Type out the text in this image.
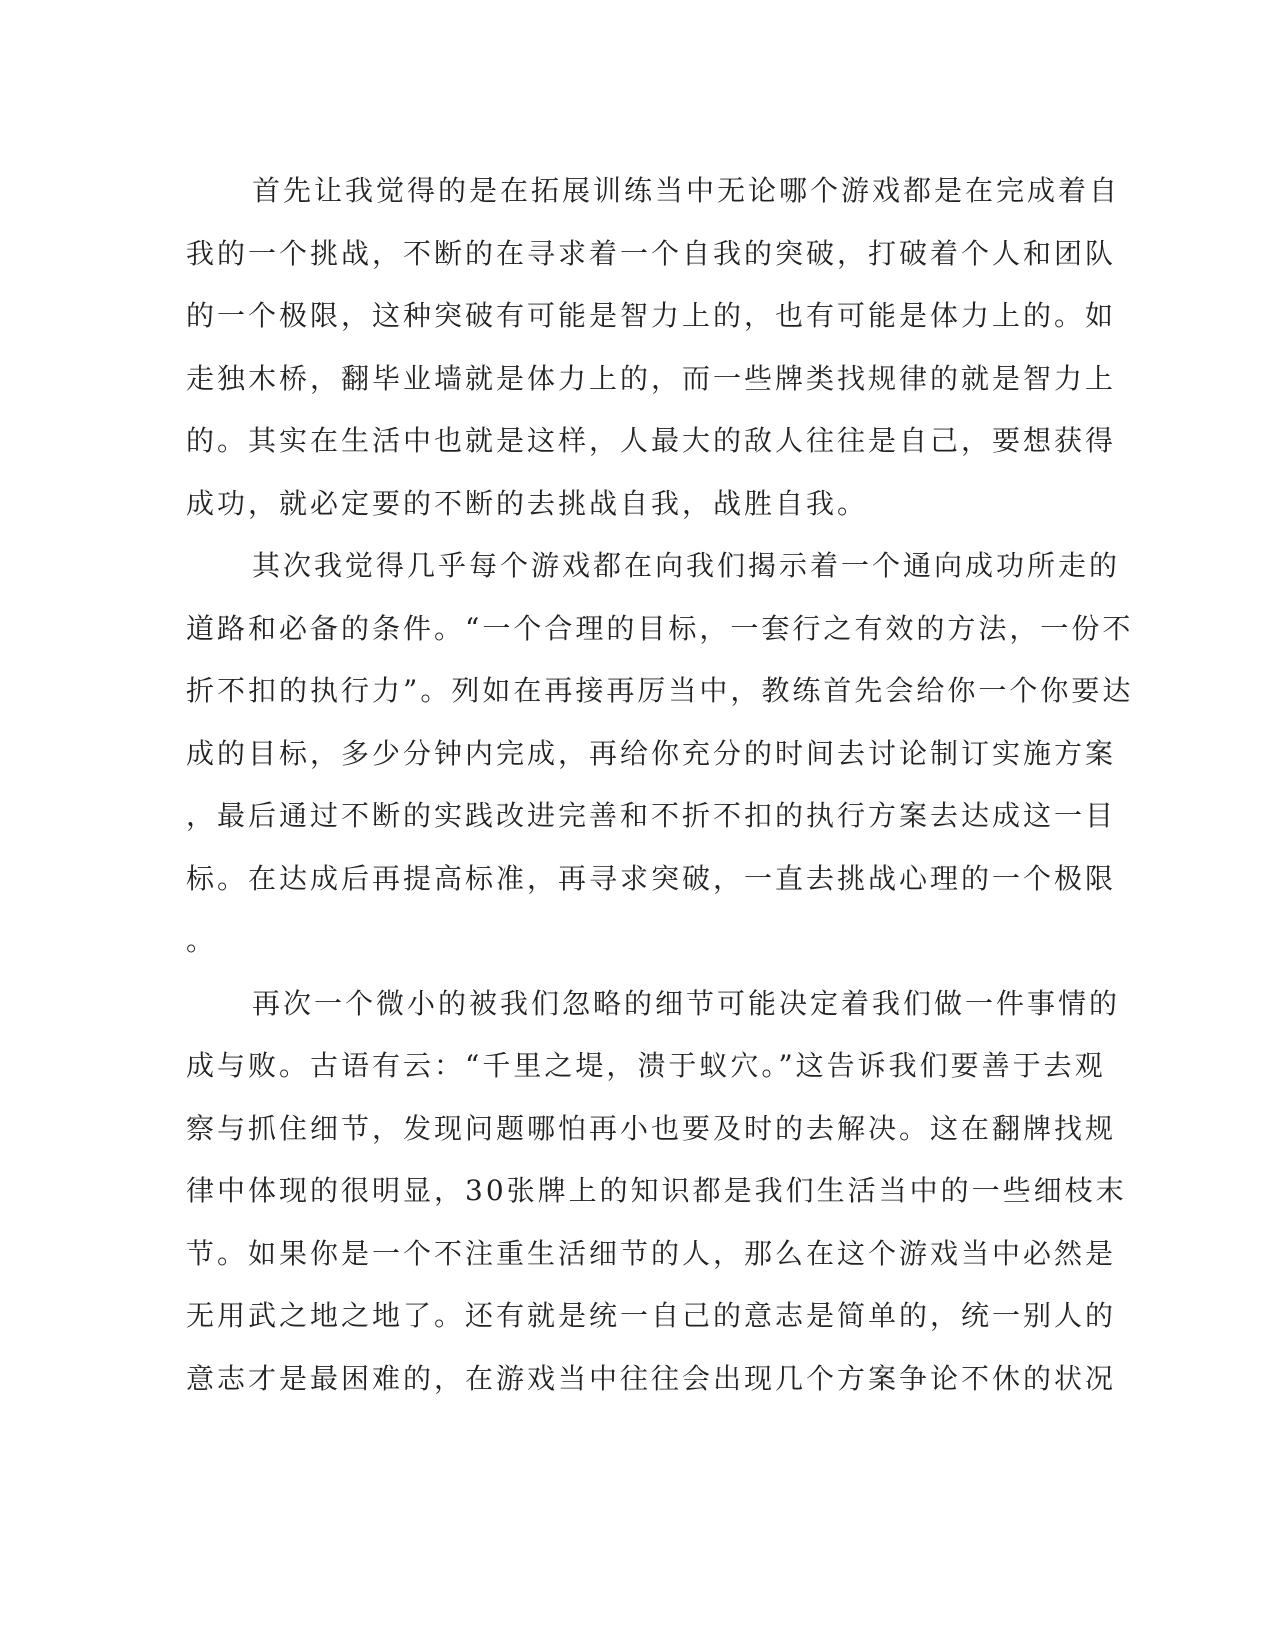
首先让我觉得的是在拓展训练当中无论哪个游戏都是在完成着自
我的一个挑战，不断的在寻求着一个自我的突破，打破着个人和团队
的一个极限，这种突破有可能是智力上的，也有可能是体力上的。如
走独木桥，翻毕业墙就是体力上的，而一些牌类找规律的就是智力上
的。其实在生活中也就是这样，人最大的敌人往往是自己，要想获得
成功，就必定要的不断的去挑战自我，战胜自我。
其次我觉得几乎每个游戏都在向我们揭示着一个通向成功所走的
道路和必备的条件。“一个合理的目标，一套行之有效的方法，一份不
折不扣的执行力”。列如在再接再厉当中，教练首先会给你一个你要达
成的目标，多少分钟内完成，再给你充分的时间去讨论制订实施方案
，最后通过不断的实践改进完善和不折不扣的执行方案去达成这一目
标。在达成后再提高标准，再寻求突破，一直去挑战心理的一个极限
。
再次一个微小的被我们忽略的细节可能决定着我们做一件事情的
成与败。古语有云：“千里之堤，溃于蚁穴。”这告诉我们要善于去观
察与抓住细节，发现问题哪怕再小也要及时的去解决。这在翻牌找规
律中体现的很明显，30张牌上的知识都是我们生活当中的一些细枝末
节。如果你是一个不注重生活细节的人，那么在这个游戏当中必然是
无用武之地之地了。还有就是统一自己的意志是简单的，统一别人的
意志才是最困难的，在游戏当中往往会出现几个方案争论不休的状况
